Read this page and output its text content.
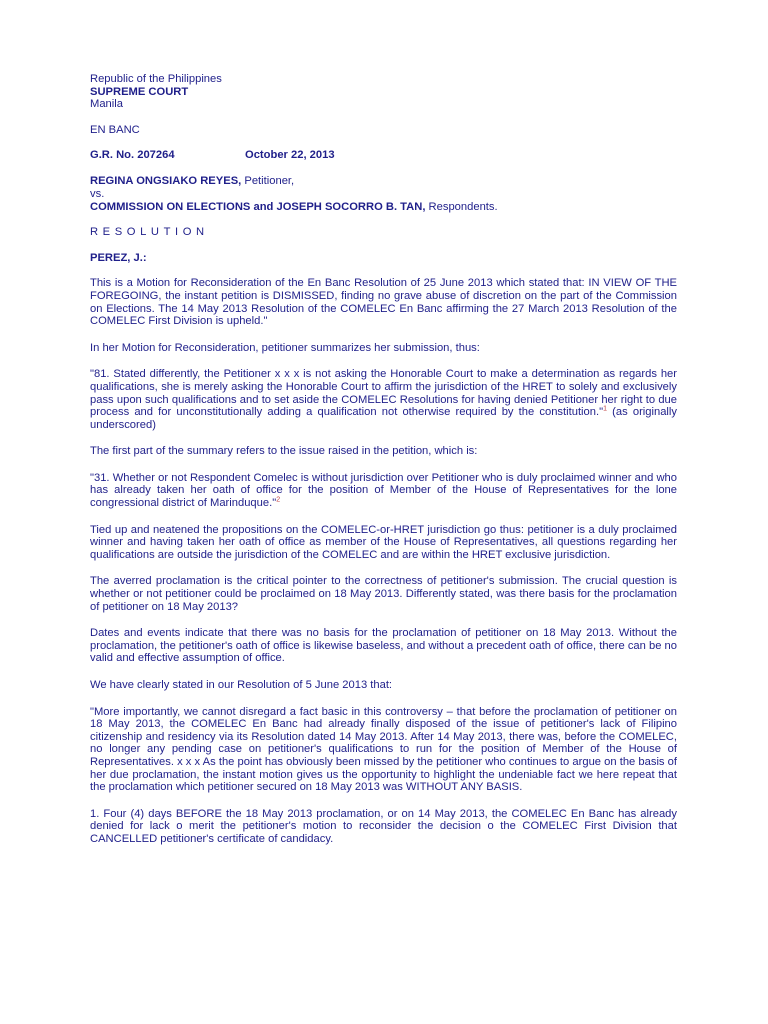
Republic of the Philippines
SUPREME COURT
Manila
EN BANC
G.R. No. 207264	October 22, 2013
REGINA ONGSIAKO REYES, Petitioner,
vs.
COMMISSION ON ELECTIONS and JOSEPH SOCORRO B. TAN, Respondents.
RESOLUTION
PEREZ, J.:

This is a Motion for Reconsideration of the En Banc Resolution of 25 June 2013 which stated that: IN VIEW OF THE FOREGOING, the instant petition is DISMISSED, finding no grave abuse of discretion on the part of the Commission on Elections. The 14 May 2013 Resolution of the COMELEC En Banc affirming the 27 March 2013 Resolution of the COMELEC First Division is upheld."

In her Motion for Reconsideration, petitioner summarizes her submission, thus:

"81. Stated differently, the Petitioner x x x is not asking the Honorable Court to make a determination as regards her qualifications, she is merely asking the Honorable Court to affirm the jurisdiction of the HRET to solely and exclusively pass upon such qualifications and to set aside the COMELEC Resolutions for having denied Petitioner her right to due process and for unconstitutionally adding a qualification not otherwise required by the constitution."$^1$ (as originally underscored)

The first part of the summary refers to the issue raised in the petition, which is:

"31. Whether or not Respondent Comelec is without jurisdiction over Petitioner who is duly proclaimed winner and who has already taken her oath of office for the position of Member of the House of Representatives for the lone congressional district of Marinduque."$^2$

Tied up and neatened the propositions on the COMELEC-or-HRET jurisdiction go thus: petitioner is a duly proclaimed winner and having taken her oath of office as member of the House of Representatives, all questions regarding her qualifications are outside the jurisdiction of the COMELEC and are within the HRET exclusive jurisdiction.

The averred proclamation is the critical pointer to the correctness of petitioner's submission. The crucial question is whether or not petitioner could be proclaimed on 18 May 2013. Differently stated, was there basis for the proclamation of petitioner on 18 May 2013?

Dates and events indicate that there was no basis for the proclamation of petitioner on 18 May 2013. Without the proclamation, the petitioner's oath of office is likewise baseless, and without a precedent oath of office, there can be no valid and effective assumption of office.

We have clearly stated in our Resolution of 5 June 2013 that:

"More importantly, we cannot disregard a fact basic in this controversy – that before the proclamation of petitioner on 18 May 2013, the COMELEC En Banc had already finally disposed of the issue of petitioner's lack of Filipino citizenship and residency via its Resolution dated 14 May 2013. After 14 May 2013, there was, before the COMELEC, no longer any pending case on petitioner's qualifications to run for the position of Member of the House of Representatives. x x x As the point has obviously been missed by the petitioner who continues to argue on the basis of her due proclamation, the instant motion gives us the opportunity to highlight the undeniable fact we here repeat that the proclamation which petitioner secured on 18 May 2013 was WITHOUT ANY BASIS.

1. Four (4) days BEFORE the 18 May 2013 proclamation, or on 14 May 2013, the COMELEC En Banc has already denied for lack o merit the petitioner's motion to reconsider the decision o the COMELEC First Division that CANCELLED petitioner's certificate of candidacy.
